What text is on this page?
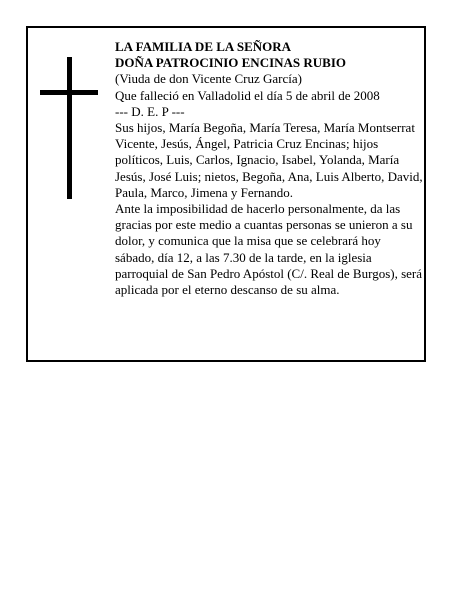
LA FAMILIA DE LA SEÑORA

DOÑA PATROCINIO ENCINAS RUBIO

(Viuda de don Vicente Cruz García)

Que falleció en Valladolid el día 5 de abril de 2008

--- D. E. P ---

Sus hijos, María Begoña, María Teresa, María Montserrat Vicente, Jesús, Ángel, Patricia Cruz Encinas; hijos políticos, Luis, Carlos, Ignacio, Isabel, Yolanda, María Jesús, José Luis; nietos, Begoña, Ana, Luis Alberto, David, Paula, Marco, Jimena y Fernando.

Ante la imposibilidad de hacerlo personalmente, da las gracias por este medio a cuantas personas se unieron a su dolor, y comunica que la misa que se celebrará hoy sábado, día 12, a las 7.30 de la tarde, en la iglesia parroquial de San Pedro Apóstol (C/. Real de Burgos), será aplicada por el eterno descanso de su alma.
